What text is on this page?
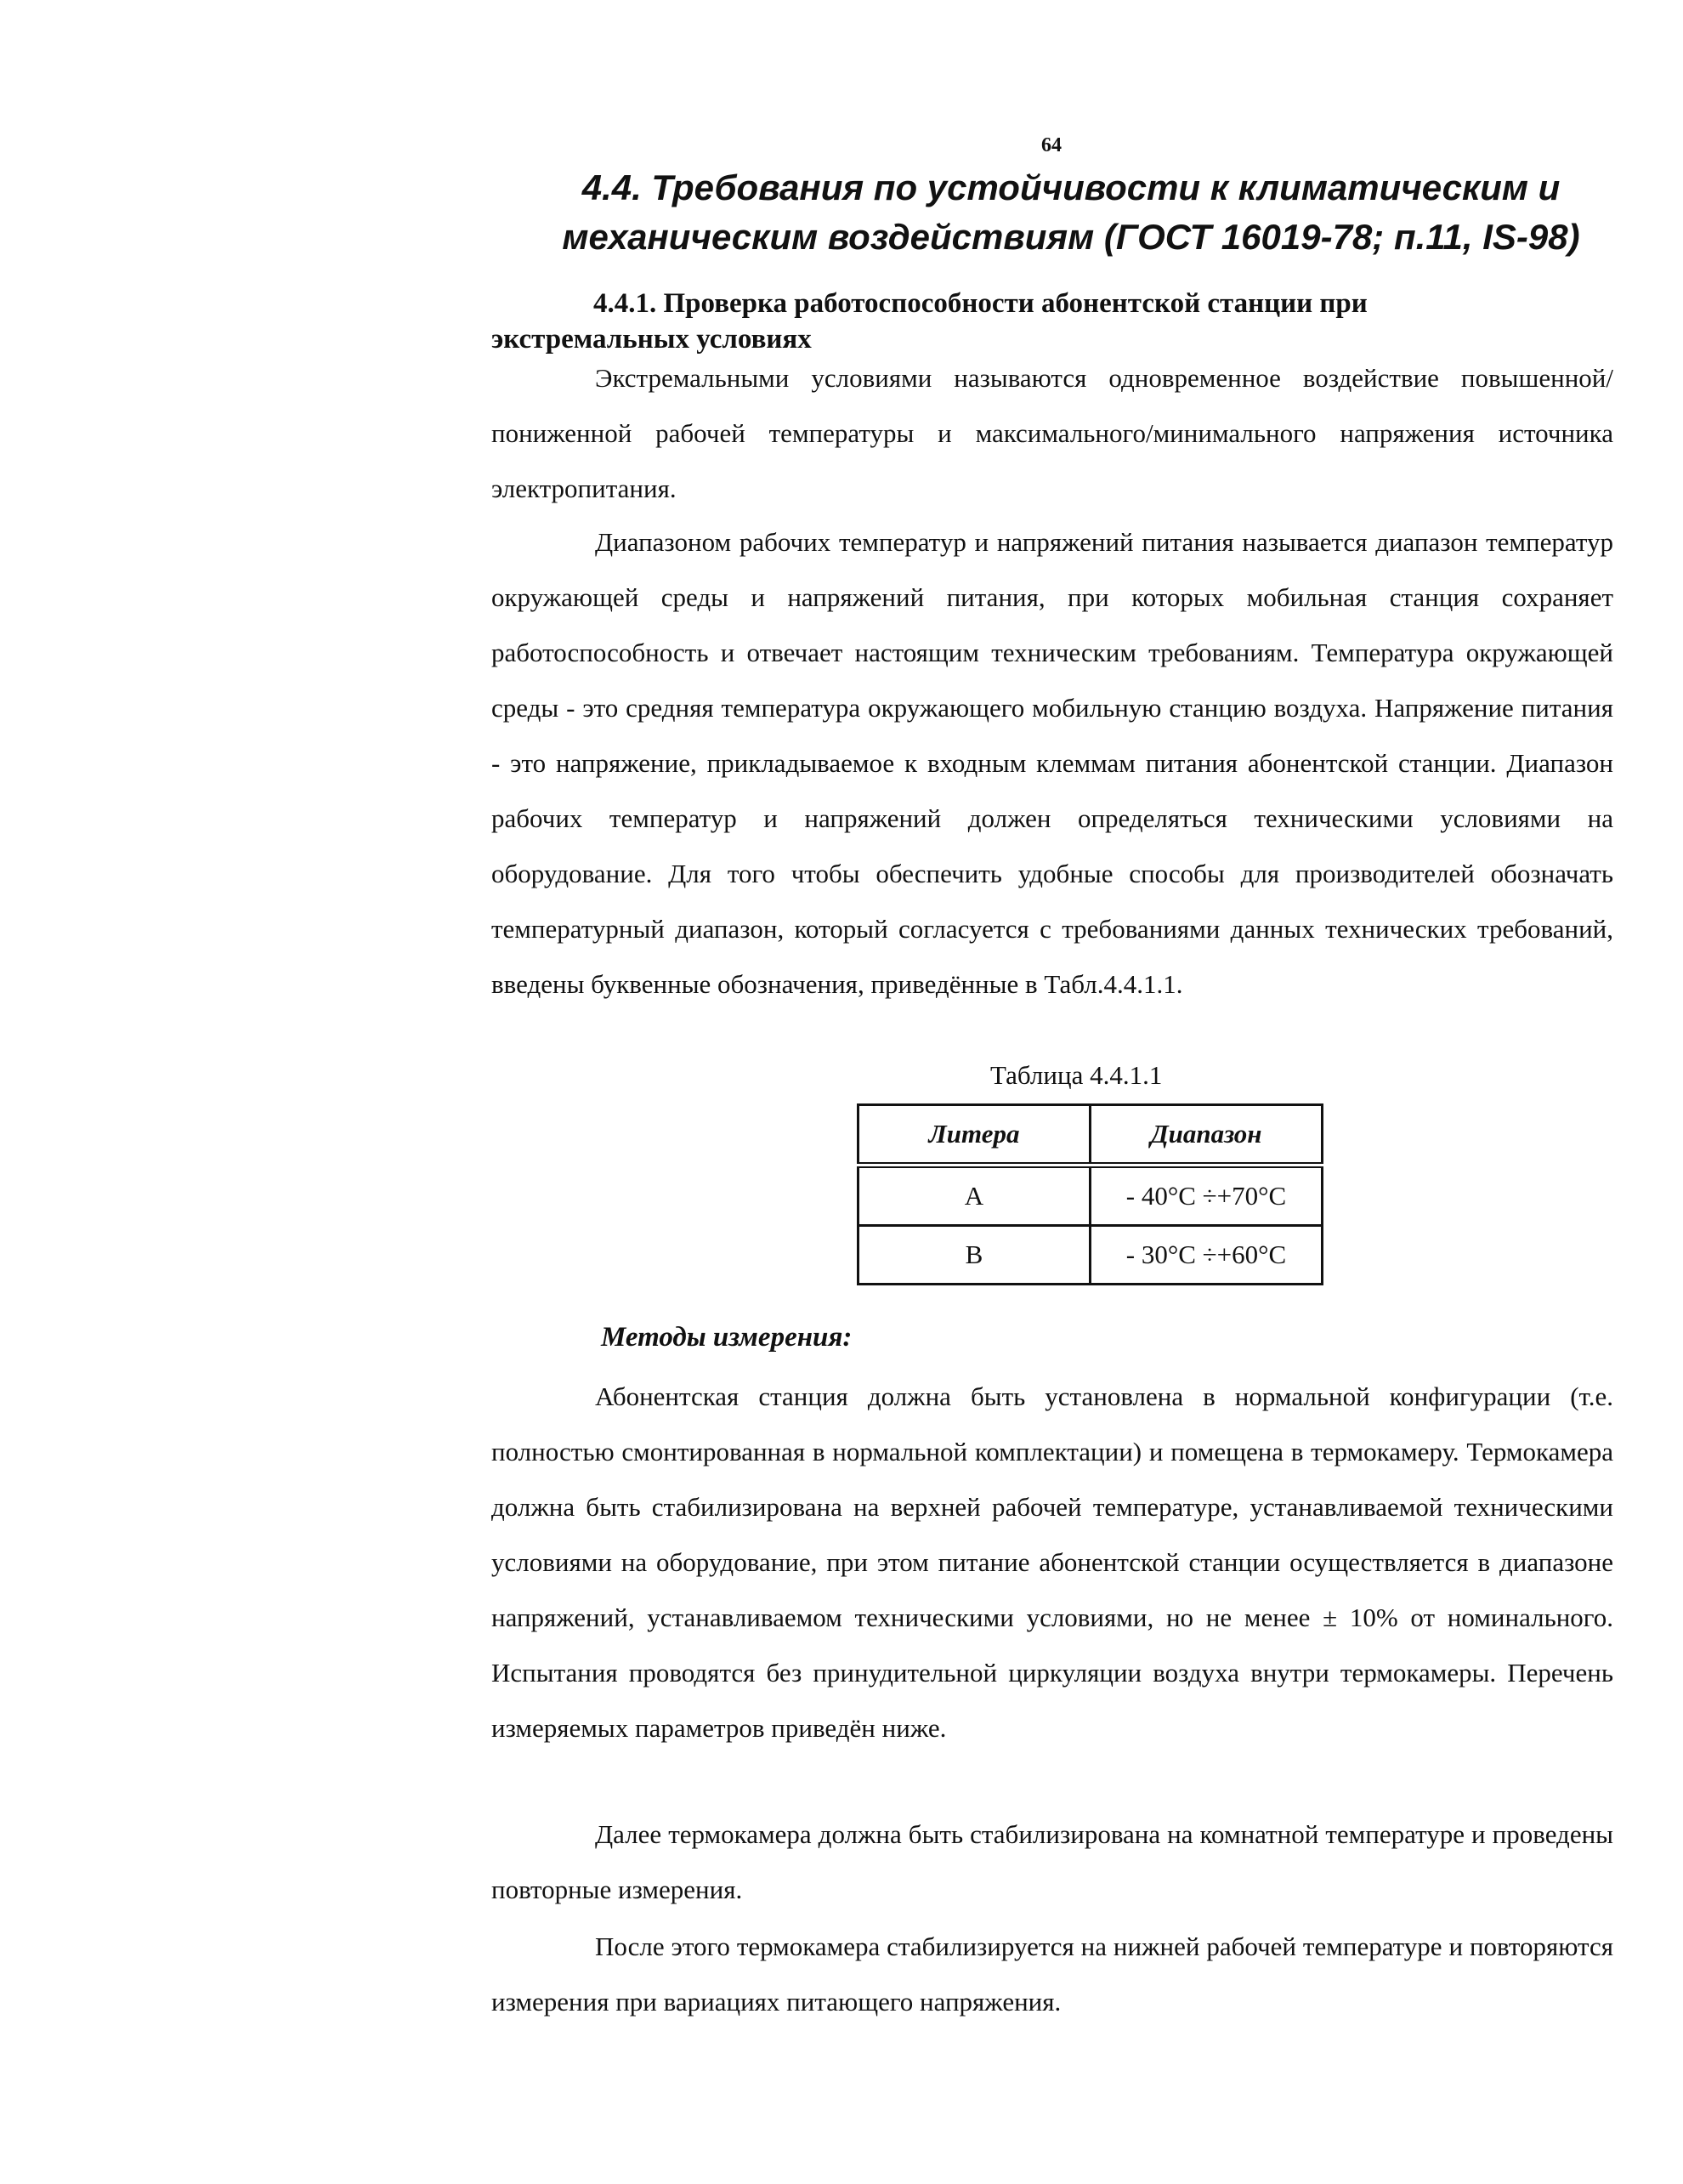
64
4.4. Требования по устойчивости к климатическим и
механическим воздействиям (ГОСТ 16019-78; п.11, IS-98)
4.4.1. Проверка работоспособности абонентской станции при
экстремальных условиях
Экстремальными условиями называются одновременное воздействие повышенной/пониженной рабочей температуры и максимального/минимального напряжения источника электропитания.
Диапазоном рабочих температур и напряжений питания называется диапазон температур окружающей среды и напряжений питания, при которых мобильная станция сохраняет работоспособность и отвечает настоящим техническим требованиям. Температура окружающей среды - это средняя температура окружающего мобильную станцию воздуха. Напряжение питания - это напряжение, прикладываемое к входным клеммам питания абонентской станции. Диапазон рабочих температур и напряжений должен определяться техническими условиями на оборудование. Для того чтобы обеспечить удобные способы для производителей обозначать температурный диапазон, который согласуется с требованиями данных технических требований, введены буквенные обозначения, приведённые в Табл.4.4.1.1.
Таблица 4.4.1.1
Литера	Диапазон
A	- 40°С ÷+70°С
B	- 30°С ÷+60°С
Методы измерения:
Абонентская станция должна быть установлена в нормальной конфигурации (т.е. полностью смонтированная в нормальной комплектации) и помещена в термокамеру. Термокамера должна быть стабилизирована на верхней рабочей температуре, устанавливаемой техническими условиями на оборудование, при этом питание абонентской станции осуществляется в диапазоне напряжений, устанавливаемом техническими условиями, но не менее ± 10% от номинального. Испытания проводятся без принудительной циркуляции воздуха внутри термокамеры. Перечень измеряемых параметров приведён ниже.
Далее термокамера должна быть стабилизирована на комнатной температуре и проведены повторные измерения.
После этого термокамера стабилизируется на нижней рабочей температуре и повторяются измерения при вариациях питающего напряжения.
